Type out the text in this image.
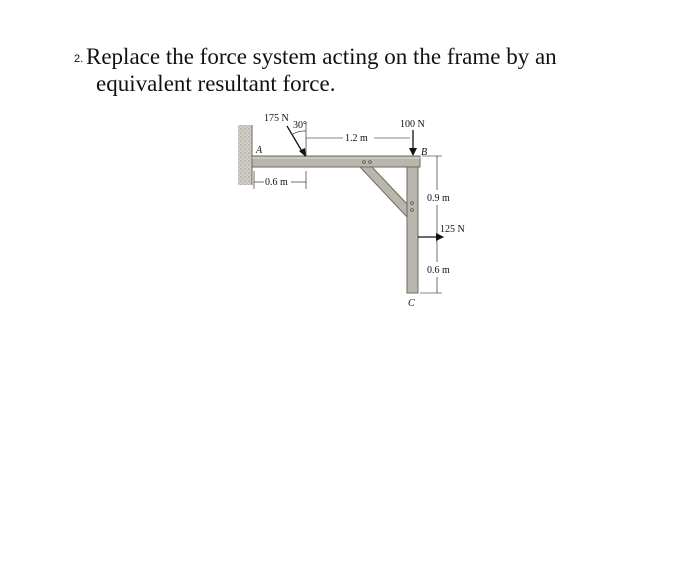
2. Replace the force system acting on the frame by an
equivalent resultant force.
175 N
30°
1.2 m
100 N
A	B
C
0.6 m
0.9 m
0.6 m
125 N
